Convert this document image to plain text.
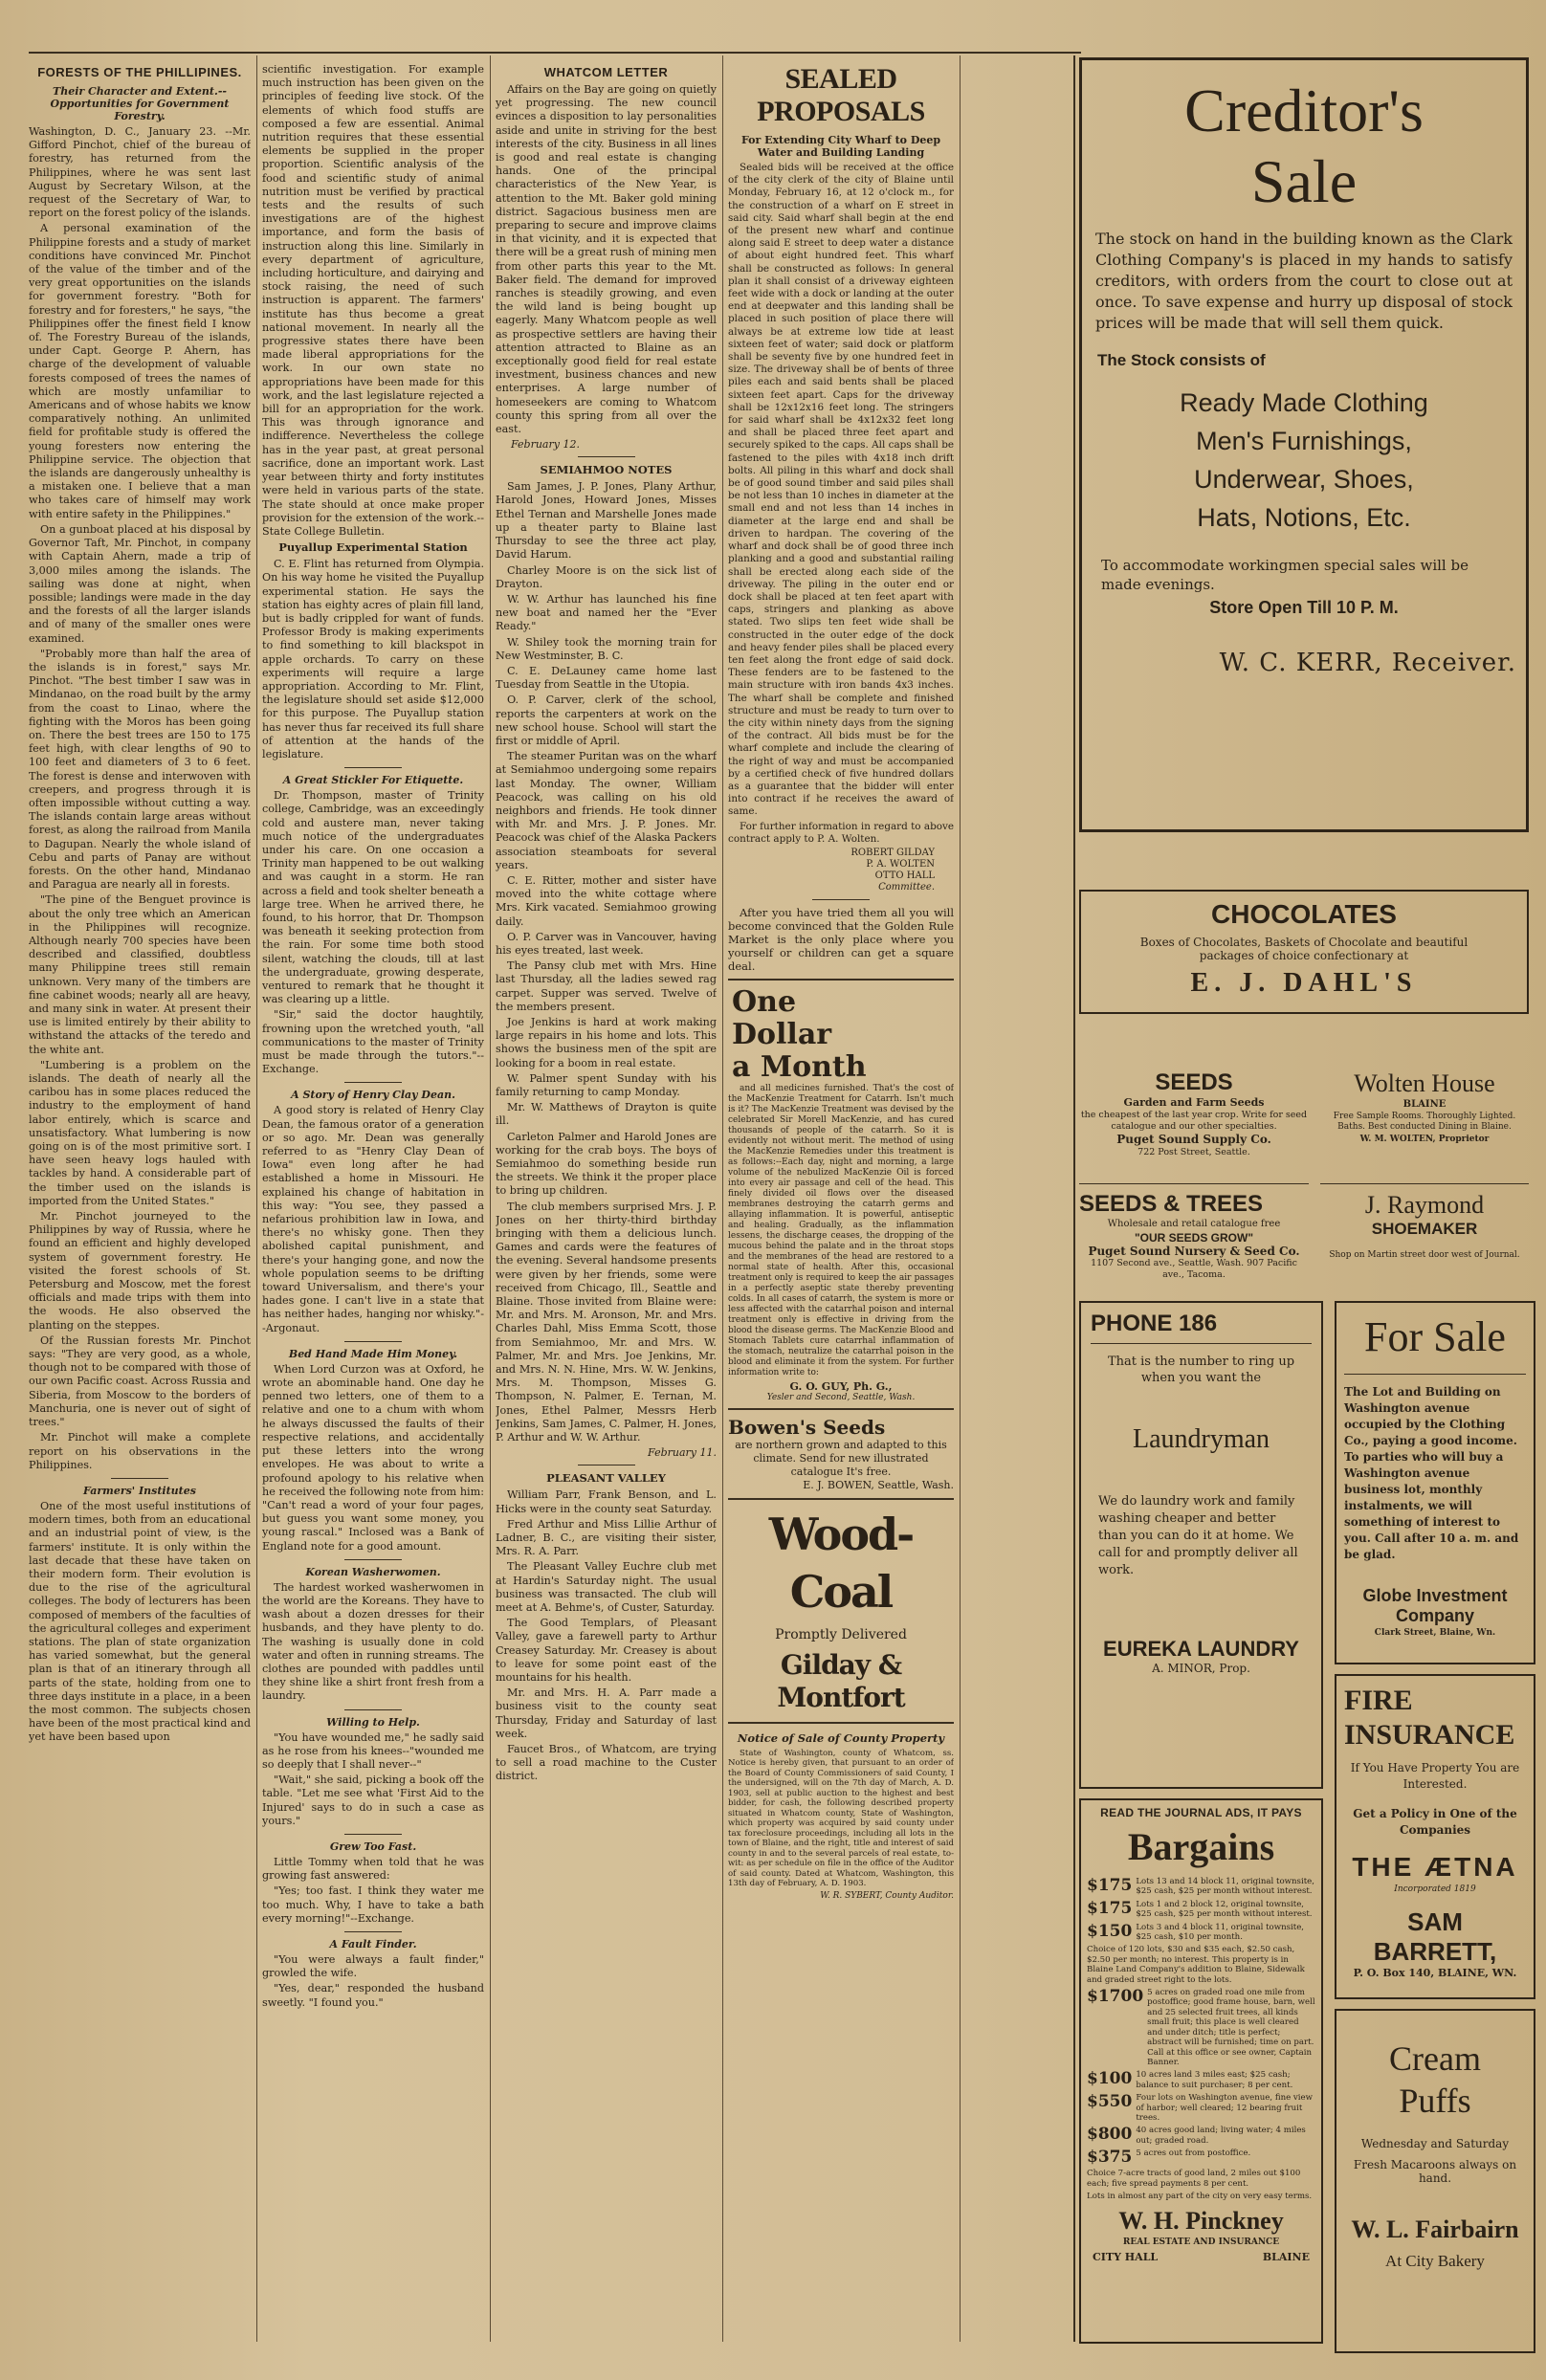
FORESTS OF THE PHILLIPINES.
Their Character and Extent.--Opportunities for Government Forestry.

Washington, D. C., January 23. --Mr. Gifford Pinchot, chief of the bureau of forestry, has returned from the Philippines, where he was sent last August by Secretary Wilson, at the request of the Secretary of War, to report on the forest policy of the islands.

A personal examination of the Philippine forests and a study of market conditions have convinced Mr. Pinchot of the value of the timber and of the very great opportunities on the islands for government forestry. "Both for forestry and for foresters," he says, "the Philippines offer the finest field I know of. The Forestry Bureau of the islands, under Capt. George P. Ahern, has charge of the development of valuable forests composed of trees the names of which are mostly unfamiliar to Americans and of whose habits we know comparatively nothing. An unlimited field for profitable study is offered the young foresters now entering the Philippine service. The objection that the islands are dangerously unhealthy is a mistaken one. I believe that a man who takes care of himself may work with entire safety in the Philippines."

On a gunboat placed at his disposal by Governor Taft, Mr. Pinchot, in company with Captain Ahern, made a trip of 3,000 miles among the islands. The sailing was done at night, when possible; landings were made in the day and the forests of all the larger islands and of many of the smaller ones were examined.

"Probably more than half the area of the islands is in forest," says Mr. Pinchot. "The best timber I saw was in Mindanao, on the road built by the army from the coast to Linao, where the fighting with the Moros has been going on. There the best trees are 150 to 175 feet high, with clear lengths of 90 to 100 feet and diameters of 3 to 6 feet. The forest is dense and interwoven with creepers, and progress through it is often impossible without cutting a way. The islands contain large areas without forest, as along the railroad from Manila to Dagupan. Nearly the whole island of Cebu and parts of Panay are without forests. On the other hand, Mindanao and Paragua are nearly all in forests.

"The pine of the Benguet province is about the only tree which an American in the Philippines will recognize. Although nearly 700 species have been described and classified, doubtless many Philippine trees still remain unknown. Very many of the timbers are fine cabinet woods; nearly all are heavy, and many sink in water. At present their use is limited entirely by their ability to withstand the attacks of the teredo and the white ant.

"Lumbering is a problem on the islands. The death of nearly all the caribou has in some places reduced the industry to the employment of hand labor entirely, which is scarce and unsatisfactory. What lumbering is now going on is of the most primitive sort. I have seen heavy logs hauled with tackles by hand. A considerable part of the timber used on the islands is imported from the United States."

Mr. Pinchot journeyed to the Philippines by way of Russia, where he found an efficient and highly developed system of government forestry. He visited the forest schools of St. Petersburg and Moscow, met the forest officials and made trips with them into the woods. He also observed the planting on the steppes.

Of the Russian forests Mr. Pinchot says: "They are very good, as a whole, though not to be compared with those of our own Pacific coast. Across Russia and Siberia, from Moscow to the borders of Manchuria, one is never out of sight of trees."

Mr. Pinchot will make a complete report on his observations in the Philippines.

Farmers' Institutes

One of the most useful institutions of modern times, both from an educational and an industrial point of view, is the farmers' institute. It is only within the last decade that these have taken on their modern form. Their evolution is due to the rise of the agricultural colleges. The body of lecturers has been composed of members of the faculties of the agricultural colleges and experiment stations. The plan of state organization has varied somewhat, but the general plan is that of an itinerary through all parts of the state, holding from one to three days institute in a place, in a been the most common. The subjects chosen have been of the most practical kind and yet have been based upon

scientific investigation. For example much instruction has been given on the principles of feeding live stock. Of the elements of which food stuffs are composed a few are essential. Animal nutrition requires that these essential elements be supplied in the proper proportion. Scientific analysis of the food and scientific study of animal nutrition must be verified by practical tests and the results of such investigations are of the highest importance, and form the basis of instruction along this line. Similarly in every department of agriculture, including horticulture, and dairying and stock raising, the need of such instruction is apparent. The farmers' institute has thus become a great national movement. In nearly all the progressive states there have been made liberal appropriations for the work. In our own state no appropriations have been made for this work, and the last legislature rejected a bill for an appropriation for the work. This was through ignorance and indifference. Nevertheless the college has in the year past, at great personal sacrifice, done an important work. Last year between thirty and forty institutes were held in various parts of the state. The state should at once make proper provision for the extension of the work.--State College Bulletin.

Puyallup Experimental Station

C. E. Flint has returned from Olympia. On his way home he visited the Puyallup experimental station. He says the station has eighty acres of plain fill land, but is badly crippled for want of funds. Professor Brody is making experiments to find something to kill blackspot in apple orchards. To carry on these experiments will require a large appropriation. According to Mr. Flint, the legislature should set aside $12,000 for this purpose. The Puyallup station has never thus far received its full share of attention at the hands of the legislature.

A Great Stickler For Etiquette.

Dr. Thompson, master of Trinity college, Cambridge, was an exceedingly cold and austere man, never taking much notice of the undergraduates under his care. On one occasion a Trinity man happened to be out walking and was caught in a storm. He ran across a field and took shelter beneath a large tree. When he arrived there, he found, to his horror, that Dr. Thompson was beneath it seeking protection from the rain. For some time both stood silent, watching the clouds, till at last the undergraduate, growing desperate, ventured to remark that he thought it was clearing up a little.

"Sir," said the doctor haughtily, frowning upon the wretched youth, "all communications to the master of Trinity must be made through the tutors."--Exchange.

A Story of Henry Clay Dean.

A good story is related of Henry Clay Dean, the famous orator of a generation or so ago. Mr. Dean was generally referred to as "Henry Clay Dean of Iowa" even long after he had established a home in Missouri. He explained his change of habitation in this way: "You see, they passed a nefarious prohibition law in Iowa, and there's no whisky gone. Then they abolished capital punishment, and there's your hanging gone, and now the whole population seems to be drifting toward Universalism, and there's your hades gone. I can't live in a state that has neither hades, hanging nor whisky."--Argonaut.

Bed Hand Made Him Money.

When Lord Curzon was at Oxford, he wrote an abominable hand. One day he penned two letters, one of them to a relative and one to a chum with whom he always discussed the faults of their respective relations, and accidentally put these letters into the wrong envelopes. He was about to write a profound apology to his relative when he received the following note from him: "Can't read a word of your four pages, but guess you want some money, you young rascal." Inclosed was a Bank of England note for a good amount.

Korean Washerwomen.

The hardest worked washerwomen in the world are the Koreans. They have to wash about a dozen dresses for their husbands, and they have plenty to do. The washing is usually done in cold water and often in running streams. The clothes are pounded with paddles until they shine like a shirt front fresh from a laundry.

Willing to Help.

"You have wounded me," he sadly said as he rose from his knees--"wounded me so deeply that I shall never--"

"Wait," she said, picking a book off the table. "Let me see what 'First Aid to the Injured' says to do in such a case as yours."

Grew Too Fast.

Little Tommy when told that he was growing fast answered:

"Yes; too fast. I think they water me too much. Why, I have to take a bath every morning!"--Exchange.

A Fault Finder.

"You were always a fault finder," growled the wife.

"Yes, dear," responded the husband sweetly. "I found you."

WHATCOM LETTER

Affairs on the Bay are going on quietly yet progressing. The new council evinces a disposition to lay personalities aside and unite in striving for the best interests of the city. Business in all lines is good and real estate is changing hands. One of the principal characteristics of the New Year, is attention to the Mt. Baker gold mining district. Sagacious business men are preparing to secure and improve claims in that vicinity, and it is expected that there will be a great rush of mining men from other parts this year to the Mt. Baker field. The demand for improved ranches is steadily growing, and even the wild land is being bought up eagerly. Many Whatcom people as well as prospective settlers are having their attention attracted to Blaine as an exceptionally good field for real estate investment, business chances and new enterprises. A large number of homeseekers are coming to Whatcom county this spring from all over the east.

February 12.
SEMIAHMOO NOTES

Sam James, J. P. Jones, Plany Arthur, Harold Jones, Howard Jones, Misses Ethel Ternan and Marshelle Jones made up a theater party to Blaine last Thursday to see the three act play, David Harum.

Charley Moore is on the sick list of Drayton.

W. W. Arthur has launched his fine new boat and named her the "Ever Ready."

W. Shiley took the morning train for New Westminster, B. C.

C. E. DeLauney came home last Tuesday from Seattle in the Utopia.

O. P. Carver, clerk of the school, reports the carpenters at work on the new school house. School will start the first or middle of April.

The steamer Puritan was on the wharf at Semiahmoo undergoing some repairs last Monday. The owner, William Peacock, was calling on his old neighbors and friends. He took dinner with Mr. and Mrs. J. P. Jones. Mr. Peacock was chief of the Alaska Packers association steamboats for several years.

C. E. Ritter, mother and sister have moved into the white cottage where Mrs. Kirk vacated. Semiahmoo growing daily.

O. P. Carver was in Vancouver, having his eyes treated, last week.

The Pansy club met with Mrs. Hine last Thursday, all the ladies sewed rag carpet. Supper was served. Twelve of the members present.

Joe Jenkins is hard at work making large repairs in his home and lots. This shows the business men of the spit are looking for a boom in real estate.

W. Palmer spent Sunday with his family returning to camp Monday.

Mr. W. Matthews of Drayton is quite ill.

Carleton Palmer and Harold Jones are working for the crab boys. The boys of Semiahmoo do something beside run the streets. We think it the proper place to bring up children.

The club members surprised Mrs. J. P. Jones on her thirty-third birthday bringing with them a delicious lunch. Games and cards were the features of the evening. Several handsome presents were given by her friends, some were received from Chicago, Ill., Seattle and Blaine. Those invited from Blaine were: Mr. and Mrs. M. Aronson, Mr. and Mrs. Charles Dahl, Miss Emma Scott, those from Semiahmoo, Mr. and Mrs. W. Palmer, Mr. and Mrs. Joe Jenkins, Mr. and Mrs. N. N. Hine, Mrs. W. W. Jenkins, Mrs. M. Thompson, Misses G. Thompson, N. Palmer, E. Ternan, M. Jones, Ethel Palmer, Messrs Herb Jenkins, Sam James, C. Palmer, H. Jones, P. Arthur and W. W. Arthur.

February 11.
PLEASANT VALLEY

William Parr, Frank Benson, and L. Hicks were in the county seat Saturday.

Fred Arthur and Miss Lillie Arthur of Ladner, B. C., are visiting their sister, Mrs. R. A. Parr.

The Pleasant Valley Euchre club met at Hardin's Saturday night. The usual business was transacted. The club will meet at A. Behme's, of Custer, Saturday.

The Good Templars, of Pleasant Valley, gave a farewell party to Arthur Creasey Saturday. Mr. Creasey is about to leave for some point east of the mountains for his health.

Mr. and Mrs. H. A. Parr made a business visit to the county seat Thursday, Friday and Saturday of last week.

Faucet Bros., of Whatcom, are trying to sell a road machine to the Custer district.

SEALED PROPOSALS
For Extending City Wharf to Deep Water and Building Landing

Sealed bids will be received at the office of the city clerk of the city of Blaine until Monday, February 16, at 12 o'clock m., for the construction of a wharf on E street in said city. Said wharf shall begin at the end of the present new wharf and continue along said E street to deep water a distance of about eight hundred feet. This wharf shall be constructed as follows: In general plan it shall consist of a driveway eighteen feet wide with a dock or landing at the outer end at deepwater and this landing shall be placed in such position of place there will always be at extreme low tide at least sixteen feet of water; said dock or platform shall be seventy five by one hundred feet in size. The driveway shall be of bents of three piles each and said bents shall be placed sixteen feet apart. Caps for the driveway shall be 12x12x16 feet long. The stringers for said wharf shall be 4x12x32 feet long and shall be placed three feet apart and securely spiked to the caps. All caps shall be fastened to the piles with 4x18 inch drift bolts. All piling in this wharf and dock shall be of good sound timber and said piles shall be not less than 10 inches in diameter at the small end and not less than 14 inches in diameter at the large end and shall be driven to hardpan. The covering of the wharf and dock shall be of good three inch planking and a good and substantial railing shall be erected along each side of the driveway. The piling in the outer end or dock shall be placed at ten feet apart with caps, stringers and planking as above stated. Two slips ten feet wide shall be constructed in the outer edge of the dock and heavy fender piles shall be placed every ten feet along the front edge of said dock. These fenders are to be fastened to the main structure with iron bands 4x3 inches. The wharf shall be complete and finished structure and must be ready to turn over to the city within ninety days from the signing of the contract. All bids must be for the wharf complete and include the clearing of the right of way and must be accompanied by a certified check of five hundred dollars as a guarantee that the bidder will enter into contract if he receives the award of same.

For further information in regard to above contract apply to P. A. Wolten.

ROBERT GILDAY
P. A. WOLTEN
OTTO HALL
Committee.

After you have tried them all you will become convinced that the Golden Rule Market is the only place where you yourself or children can get a square deal.

One
Dollar
a Month

and all medicines furnished. That's the cost of the MacKenzie Treatment for Catarrh. Isn't much is it? The MacKenzie Treatment was devised by the celebrated Sir Morell MacKenzie, and has cured thousands of people of the catarrh. So it is evidently not without merit. The method of using the MacKenzie Remedies under this treatment is as follows:--Each day, night and morning, a large volume of the nebulized MacKenzie Oil is forced into every air passage and cell of the head. This finely divided oil flows over the diseased membranes destroying the catarrh germs and allaying inflammation. It is powerful, antiseptic and healing. Gradually, as the inflammation lessens, the discharge ceases, the dropping of the mucous behind the palate and in the throat stops and the membranes of the head are restored to a normal state of health. After this, occasional treatment only is required to keep the air passages in a perfectly aseptic state thereby preventing colds. In all cases of catarrh, the system is more or less affected with the catarrhal poison and internal treatment only is effective in driving from the blood the disease germs. The MacKenzie Blood and Stomach Tablets cure catarrhal inflammation of the stomach, neutralize the catarrhal poison in the blood and eliminate it from the system. For further information write to:

G. O. GUY, Ph. G.,
Yesler and Second, Seattle, Wash.
Bowen's Seeds
are northern grown and adapted to this climate. Send for new illustrated catalogue It's free.
E. J. BOWEN, Seattle, Wash.
Wood-Coal
Promptly Delivered
Gilday & Montfort
Notice of Sale of County Property

State of Washington, county of Whatcom, ss. Notice is hereby given, that pursuant to an order of the Board of County Commissioners of said County, I the undersigned, will on the 7th day of March, A. D. 1903, sell at public auction to the highest and best bidder, for cash, the following described property situated in Whatcom county, State of Washington, which property was acquired by said county under tax foreclosure proceedings, including all lots in the town of Blaine, and the right, title and interest of said county in and to the several parcels of real estate, to-wit: as per schedule on file in the office of the Auditor of said county. Dated at Whatcom, Washington, this 13th day of February, A. D. 1903.

W. R. SYBERT, County Auditor.
Creditor's
Sale

The stock on hand in the building known as the Clark Clothing Company's is placed in my hands to satisfy creditors, with orders from the court to close out at once. To save expense and hurry up disposal of stock prices will be made that will sell them quick.

The Stock consists of
Ready Made Clothing
Men's Furnishings,
Underwear, Shoes,
Hats, Notions, Etc.

To accommodate workingmen special sales will be made evenings.

Store Open Till 10 P. M.
W. C. KERR, Receiver.
CHOCOLATES
Boxes of Chocolates, Baskets of Chocolate and beautiful packages of choice confectionary at
E. J. DAHL'S
SEEDS
Garden and Farm Seeds
the cheapest of the last year crop. Write for seed catalogue and our other specialties.
Puget Sound Supply Co.
722 Post Street, Seattle.
Wolten House
BLAINE
Free Sample Rooms. Thoroughly Lighted. Baths. Best conducted Dining in Blaine.
W. M. WOLTEN, Proprietor
SEEDS & TREES
Wholesale and retail catalogue free
"OUR SEEDS GROW"
Puget Sound Nursery & Seed Co.
1107 Second ave., Seattle, Wash. 907 Pacific ave., Tacoma.
J. Raymond
SHOEMAKER
Shop on Martin street door west of Journal.
PHONE 186
That is the number to ring up when you want the
Laundryman
We do laundry work and family washing cheaper and better than you can do it at home. We call for and promptly deliver all work.
EUREKA LAUNDRY
A. MINOR, Prop.
For Sale
The Lot and Building on Washington avenue occupied by the Clothing Co., paying a good income. To parties who will buy a Washington avenue business lot, monthly instalments, we will something of interest to you. Call after 10 a. m. and be glad.
Globe Investment Company
Clark Street, Blaine, Wn.
FIRE
INSURANCE
If You Have Property You are Interested.
Get a Policy in One of the Companies
THE ÆTNA
Incorporated 1819
SAM BARRETT,
P. O. Box 140, BLAINE, WN.
READ THE JOURNAL ADS, IT PAYS
Bargains
$175 Lots 13 and 14 block 11, original townsite, $25 cash, $25 per month without interest.
$175 Lots 1 and 2 block 12, original townsite, $25 cash, $25 per month without interest.
$150 Lots 3 and 4 block 11, original townsite, $25 cash, $10 per month.
Choice of 120 lots, $30 and $35 each, $2.50 cash, $2.50 per month; no interest. This property is in Blaine Land Company's addition to Blaine, Sidewalk and graded street right to the lots.
$1700 5 acres on graded road one mile from postoffice; good frame house, barn, well and 25 selected fruit trees, all kinds small fruit; this place is well cleared and under ditch; title is perfect; abstract will be furnished; time on part. Call at this office or see owner, Captain Banner.
$100 10 acres land 3 miles east; $25 cash; balance to suit purchaser; 8 per cent.
$550 Four lots on Washington avenue, fine view of harbor; well cleared; 12 bearing fruit trees.
$800 40 acres good land; living water; 4 miles out; graded road.
$375 5 acres out from postoffice.
Choice 7-acre tracts of good land, 2 miles out $100 each; five spread payments 8 per cent.
Lots in almost any part of the city on very easy terms.
W. H. Pinckney
REAL ESTATE AND INSURANCE
CITY HALL	BLAINE
Cream
Puffs
Wednesday and Saturday
Fresh Macaroons always on hand.
W. L. Fairbairn
At City Bakery
